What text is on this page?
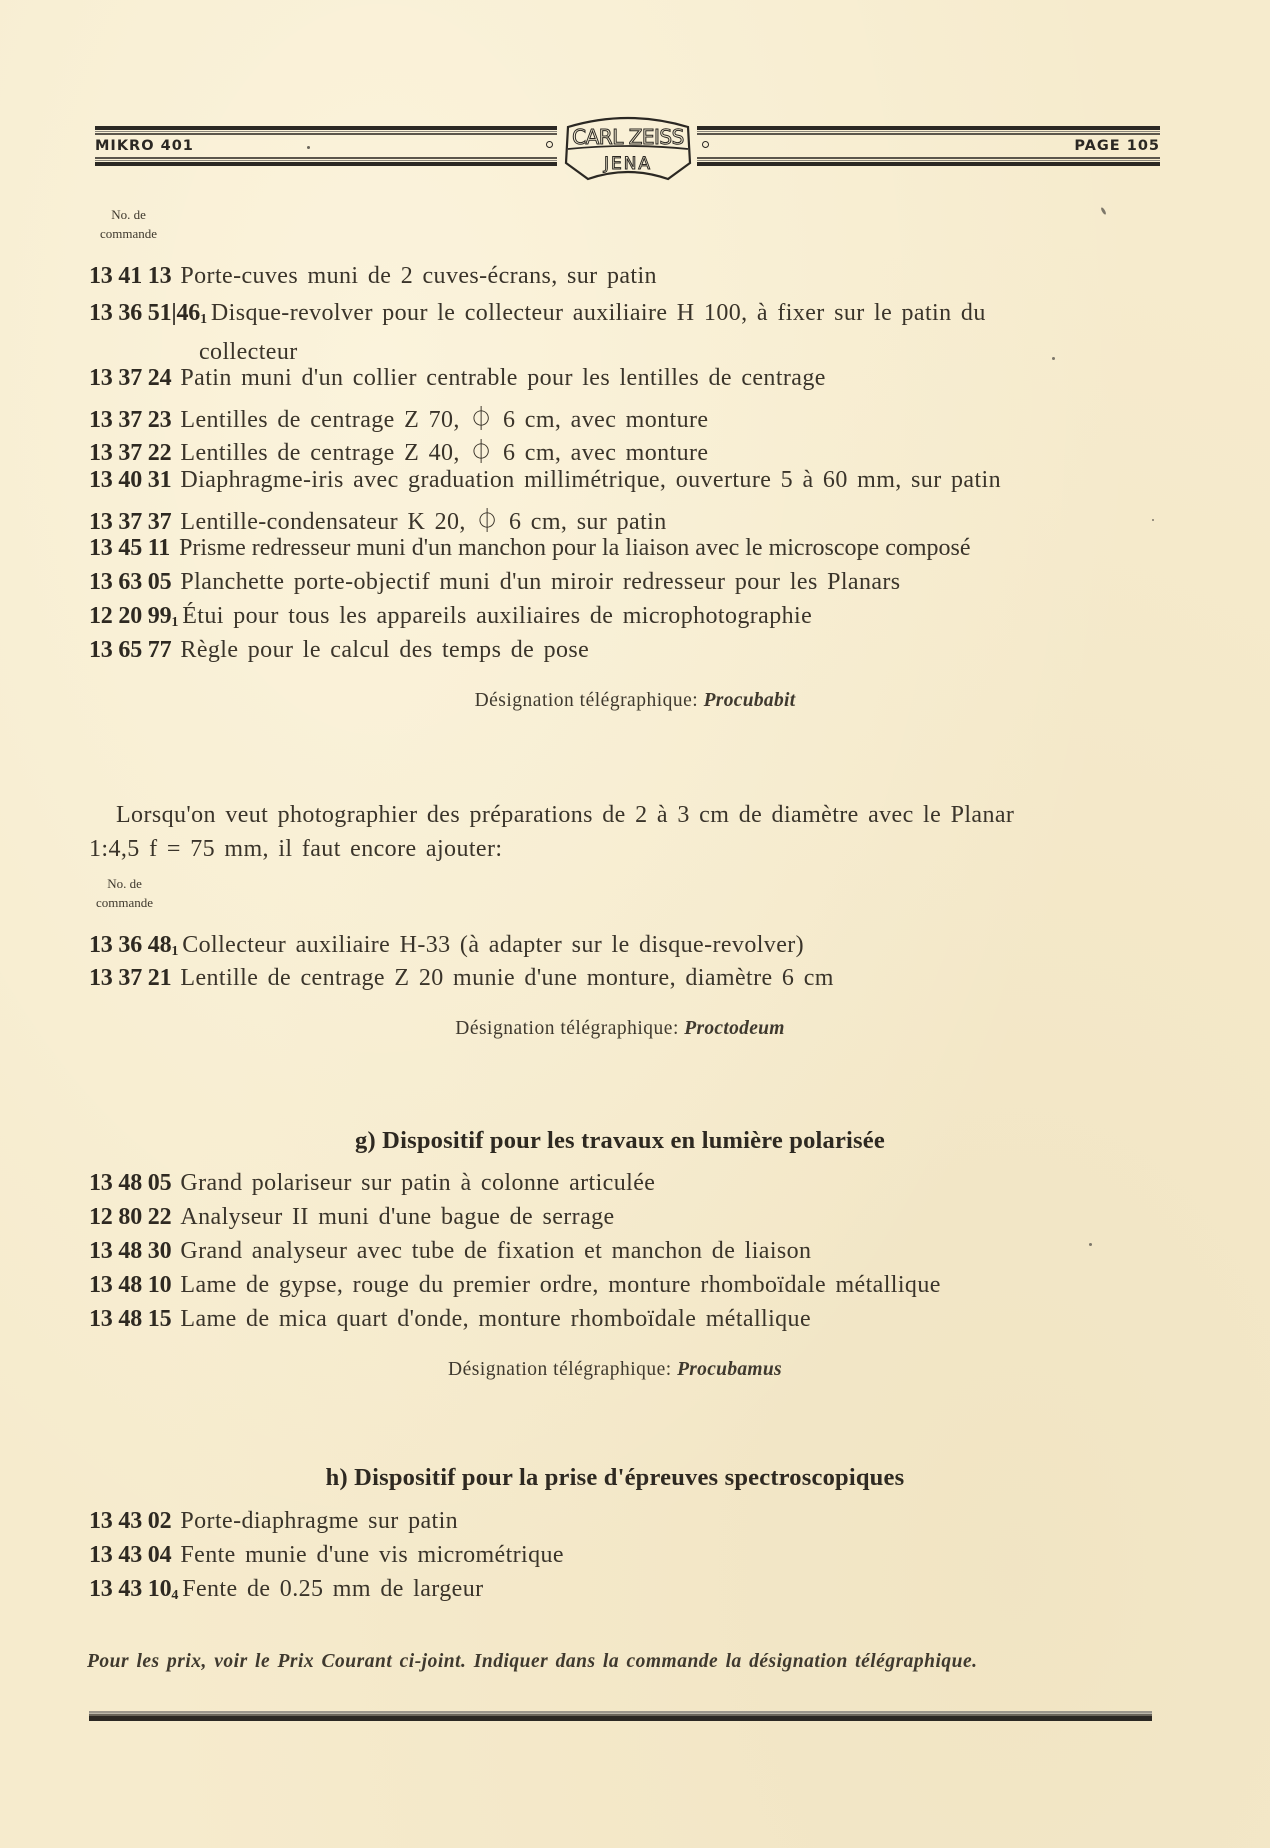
MIKRO 401	CARL ZEISS
JENA
PAGE 105
No. de
commande
13 41 13 Porte-cuves muni de 2 cuves-écrans, sur patin
13 36 $51|46_1$ Disque-revolver pour le collecteur auxiliaire H 100, à fixer sur le patin du
collecteur
13 37 24 Patin muni d'un collier centrable pour les lentilles de centrage
13 37 23 Lentilles de centrage Z 70, ⏀ 6 cm, avec monture
13 37 22 Lentilles de centrage Z 40, ⏀ 6 cm, avec monture
13 40 31 Diaphragme-iris avec graduation millimétrique, ouverture 5 à 60 mm, sur patin
13 37 37 Lentille-condensateur K 20, ⏀ 6 cm, sur patin
13 45 11 Prisme redresseur muni d'un manchon pour la liaison avec le microscope composé
13 63 05 Planchette porte-objectif muni d'un miroir redresseur pour les Planars
12 20 $99_1$ Étui pour tous les appareils auxiliaires de microphotographie
13 65 77 Règle pour le calcul des temps de pose
Désignation télégraphique: Procubabit
Lorsqu'on veut photographier des préparations de 2 à 3 cm de diamètre avec le Planar
1:4,5 f = 75 mm, il faut encore ajouter:
No. de
commande
13 36 $48_1$ Collecteur auxiliaire H-33 (à adapter sur le disque-revolver)
13 37 21 Lentille de centrage Z 20 munie d'une monture, diamètre 6 cm
Désignation télégraphique: Proctodeum
g) Dispositif pour les travaux en lumière polarisée
13 48 05 Grand polariseur sur patin à colonne articulée
12 80 22 Analyseur II muni d'une bague de serrage
13 48 30 Grand analyseur avec tube de fixation et manchon de liaison
13 48 10 Lame de gypse, rouge du premier ordre, monture rhomboïdale métallique
13 48 15 Lame de mica quart d'onde, monture rhomboïdale métallique
Désignation télégraphique: Procubamus
h) Dispositif pour la prise d'épreuves spectroscopiques
13 43 02 Porte-diaphragme sur patin
13 43 04 Fente munie d'une vis micrométrique
13 43 $10_4$ Fente de 0.25 mm de largeur
Pour les prix, voir le Prix Courant ci-joint. Indiquer dans la commande la désignation télégraphique.
